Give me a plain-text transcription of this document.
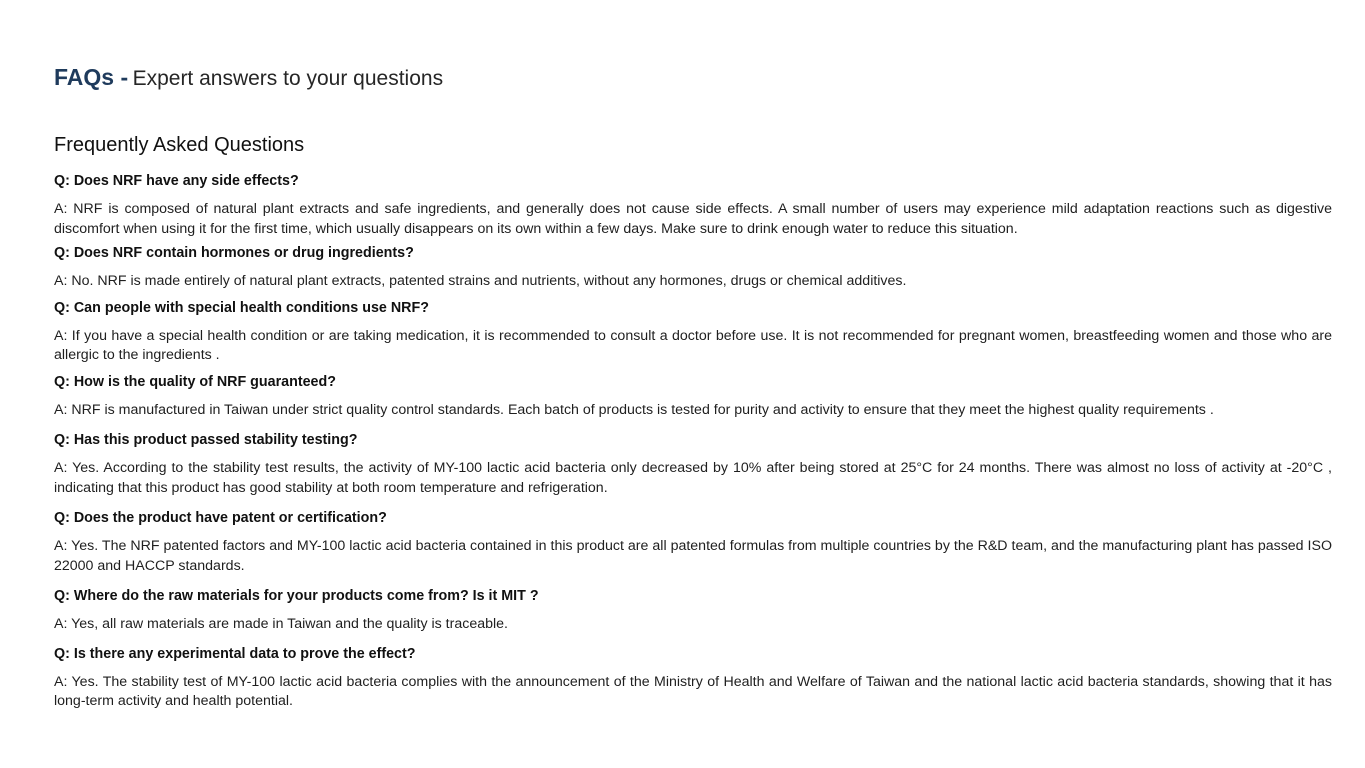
FAQs - Expert answers to your questions
Frequently Asked Questions
Q: Does NRF have any side effects?
A: NRF is composed of natural plant extracts and safe ingredients, and generally does not cause side effects. A small number of users may experience mild adaptation reactions such as digestive discomfort when using it for the first time, which usually disappears on its own within a few days. Make sure to drink enough water to reduce this situation.
Q: Does NRF contain hormones or drug ingredients?
A: No. NRF is made entirely of natural plant extracts, patented strains and nutrients, without any hormones, drugs or chemical additives.
Q: Can people with special health conditions use NRF?
A: If you have a special health condition or are taking medication, it is recommended to consult a doctor before use. It is not recommended for pregnant women, breastfeeding women and those who are allergic to the ingredients .
Q: How is the quality of NRF guaranteed?
A: NRF is manufactured in Taiwan under strict quality control standards. Each batch of products is tested for purity and activity to ensure that they meet the highest quality requirements .
Q: Has this product passed stability testing?
A: Yes. According to the stability test results, the activity of MY-100 lactic acid bacteria only decreased by 10% after being stored at 25°C for 24 months. There was almost no loss of activity at -20°C , indicating that this product has good stability at both room temperature and refrigeration.
Q: Does the product have patent or certification?
A: Yes. The NRF patented factors and MY-100 lactic acid bacteria contained in this product are all patented formulas from multiple countries by the R&D team, and the manufacturing plant has passed ISO 22000 and HACCP standards.
Q: Where do the raw materials for your products come from? Is it MIT ?
A: Yes, all raw materials are made in Taiwan and the quality is traceable.
Q: Is there any experimental data to prove the effect?
A: Yes. The stability test of MY-100 lactic acid bacteria complies with the announcement of the Ministry of Health and Welfare of Taiwan and the national lactic acid bacteria standards, showing that it has long-term activity and health potential.
